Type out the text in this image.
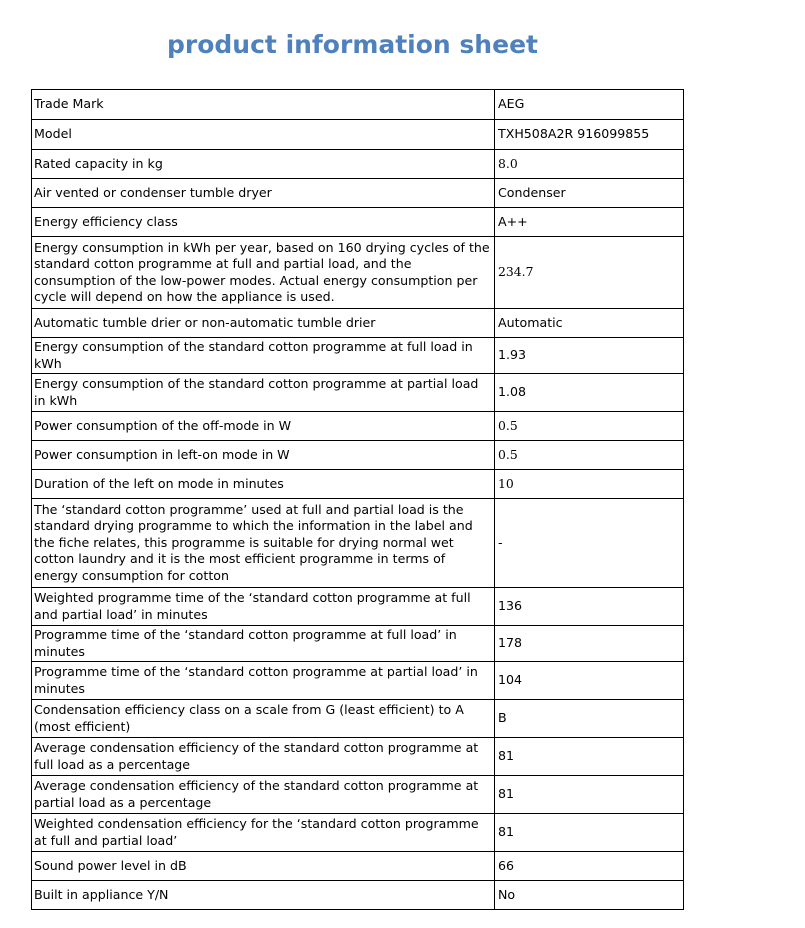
product information sheet
Trade Mark	AEG
Model	TXH508A2R 916099855
Rated capacity in kg	8.0
Air vented or condenser tumble dryer	Condenser
Energy efficiency class	A++
Energy consumption in kWh per year, based on 160 drying cycles of the standard cotton programme at full and partial load, and the consumption of the low-power modes. Actual energy consumption per cycle will depend on how the appliance is used.	234.7
Automatic tumble drier or non-automatic tumble drier	Automatic
Energy consumption of the standard cotton programme at full load in kWh	1.93
Energy consumption of the standard cotton programme at partial load in kWh	1.08
Power consumption of the off-mode in W	0.5
Power consumption in left-on mode in W	0.5
Duration of the left on mode in minutes	10
The ‘standard cotton programme’ used at full and partial load is the standard drying programme to which the information in the label and the fiche relates, this programme is suitable for drying normal wet cotton laundry and it is the most efficient programme in terms of energy consumption for cotton	-
Weighted programme time of the ‘standard cotton programme at full and partial load’ in minutes	136
Programme time of the ‘standard cotton programme at full load’ in minutes	178
Programme time of the ‘standard cotton programme at partial load’ in minutes	104
Condensation efficiency class on a scale from G (least efficient) to A (most efficient)	B
Average condensation efficiency of the standard cotton programme at full load as a percentage	81
Average condensation efficiency of the standard cotton programme at partial load as a percentage	81
Weighted condensation efficiency for the ‘standard cotton programme at full and partial load’	81
Sound power level in dB	66
Built in appliance Y/N	No
